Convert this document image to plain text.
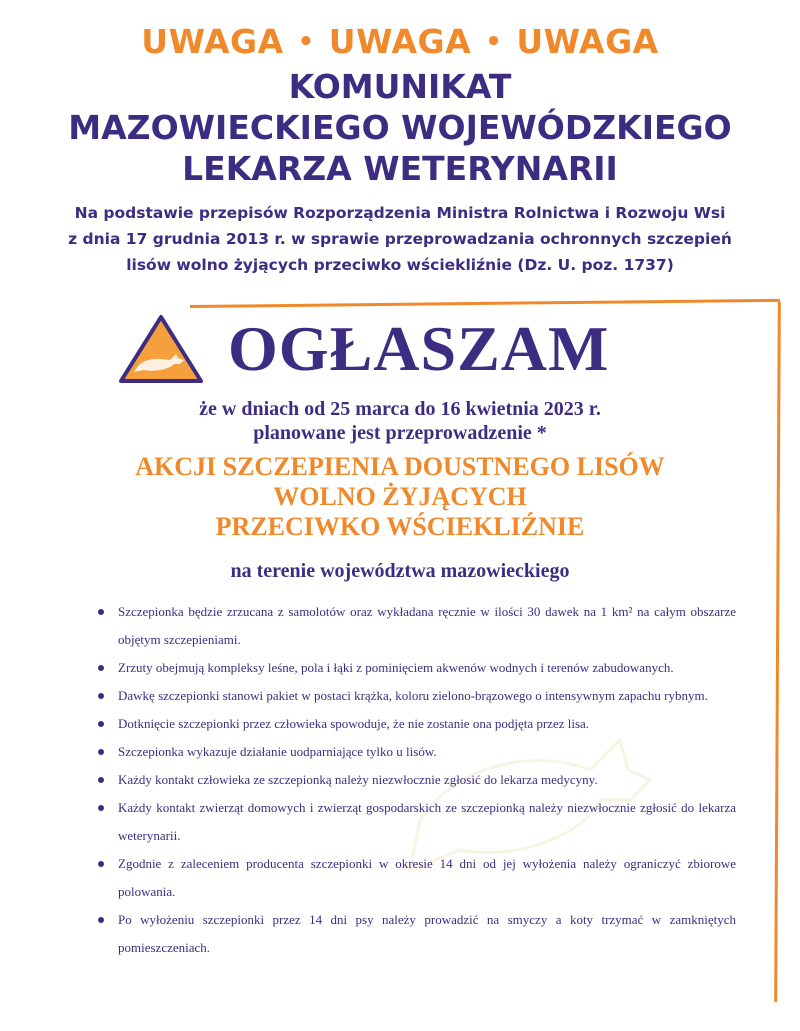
UWAGA • UWAGA • UWAGA
KOMUNIKAT
MAZOWIECKIEGO WOJEWÓDZKIEGO
LEKARZA WETERYNARII
Na podstawie przepisów Rozporządzenia Ministra Rolnictwa i Rozwoju Wsi
z dnia 17 grudnia 2013 r. w sprawie przeprowadzania ochronnych szczepień
lisów wolno żyjących przeciwko wściekliźnie (Dz. U. poz. 1737)
OGŁASZAM
że w dniach od 25 marca do 16 kwietnia 2023 r.
planowane jest przeprowadzenie *
AKCJI SZCZEPIENIA DOUSTNEGO LISÓW
WOLNO ŻYJĄCYCH
PRZECIWKO WŚCIEKLIŹNIE
na terenie województwa mazowieckiego
Szczepionka będzie zrzucana z samolotów oraz wykładana ręcznie w ilości 30 dawek na 1 km² na całym obszarze objętym szczepieniami.
Zrzuty obejmują kompleksy leśne, pola i łąki z pominięciem akwenów wodnych i terenów zabudowanych.
Dawkę szczepionki stanowi pakiet w postaci krążka, koloru zielono-brązowego o intensywnym zapachu rybnym.
Dotknięcie szczepionki przez człowieka spowoduje, że nie zostanie ona podjęta przez lisa.
Szczepionka wykazuje działanie uodparniające tylko u lisów.
Każdy kontakt człowieka ze szczepionką należy niezwłocznie zgłosić do lekarza medycyny.
Każdy kontakt zwierząt domowych i zwierząt gospodarskich ze szczepionką należy niezwłocznie zgłosić do lekarza weterynarii.
Zgodnie z zaleceniem producenta szczepionki w okresie 14 dni od jej wyłożenia należy ograniczyć zbiorowe polowania.
Po wyłożeniu szczepionki przez 14 dni psy należy prowadzić na smyczy a koty trzymać w zamkniętych pomieszczeniach.
